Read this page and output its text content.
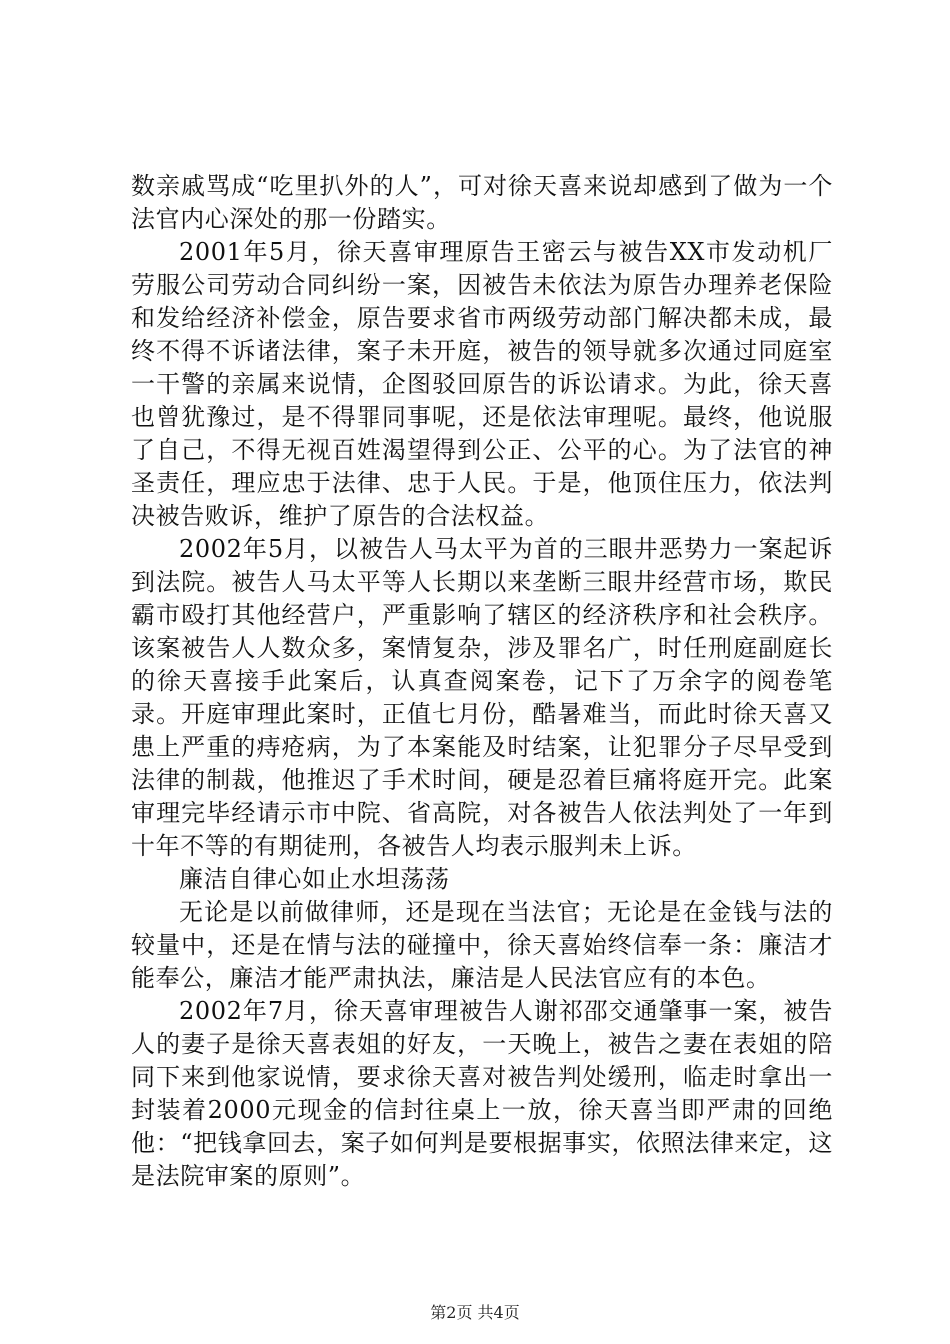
数亲戚骂成“吃里扒外的人”，可对徐天喜来说却感到了做为一个法官内心深处的那一份踏实。

2001年5月，徐天喜审理原告王密云与被告XX市发动机厂劳服公司劳动合同纠纷一案，因被告未依法为原告办理养老保险和发给经济补偿金，原告要求省市两级劳动部门解决都未成，最终不得不诉诸法律，案子未开庭，被告的领导就多次通过同庭室一干警的亲属来说情，企图驳回原告的诉讼请求。为此，徐天喜也曾犹豫过，是不得罪同事呢，还是依法审理呢。最终，他说服了自己，不得无视百姓渴望得到公正、公平的心。为了法官的神圣责任，理应忠于法律、忠于人民。于是，他顶住压力，依法判决被告败诉，维护了原告的合法权益。

2002年5月，以被告人马太平为首的三眼井恶势力一案起诉到法院。被告人马太平等人长期以来垄断三眼井经营市场，欺民霸市殴打其他经营户，严重影响了辖区的经济秩序和社会秩序。该案被告人人数众多，案情复杂，涉及罪名广，时任刑庭副庭长的徐天喜接手此案后，认真查阅案卷，记下了万余字的阅卷笔录。开庭审理此案时，正值七月份，酷暑难当，而此时徐天喜又患上严重的痔疮病，为了本案能及时结案，让犯罪分子尽早受到法律的制裁，他推迟了手术时间，硬是忍着巨痛将庭开完。此案审理完毕经请示市中院、省高院，对各被告人依法判处了一年到十年不等的有期徒刑，各被告人均表示服判未上诉。

廉洁自律心如止水坦荡荡

无论是以前做律师，还是现在当法官；无论是在金钱与法的较量中，还是在情与法的碰撞中，徐天喜始终信奉一条：廉洁才能奉公，廉洁才能严肃执法，廉洁是人民法官应有的本色。

2002年7月，徐天喜审理被告人谢祁邵交通肇事一案，被告人的妻子是徐天喜表姐的好友，一天晚上，被告之妻在表姐的陪同下来到他家说情，要求徐天喜对被告判处缓刑，临走时拿出一封装着2000元现金的信封往桌上一放，徐天喜当即严肃的回绝他：“把钱拿回去，案子如何判是要根据事实，依照法律来定，这是法院审案的原则”。

第2页 共4页
